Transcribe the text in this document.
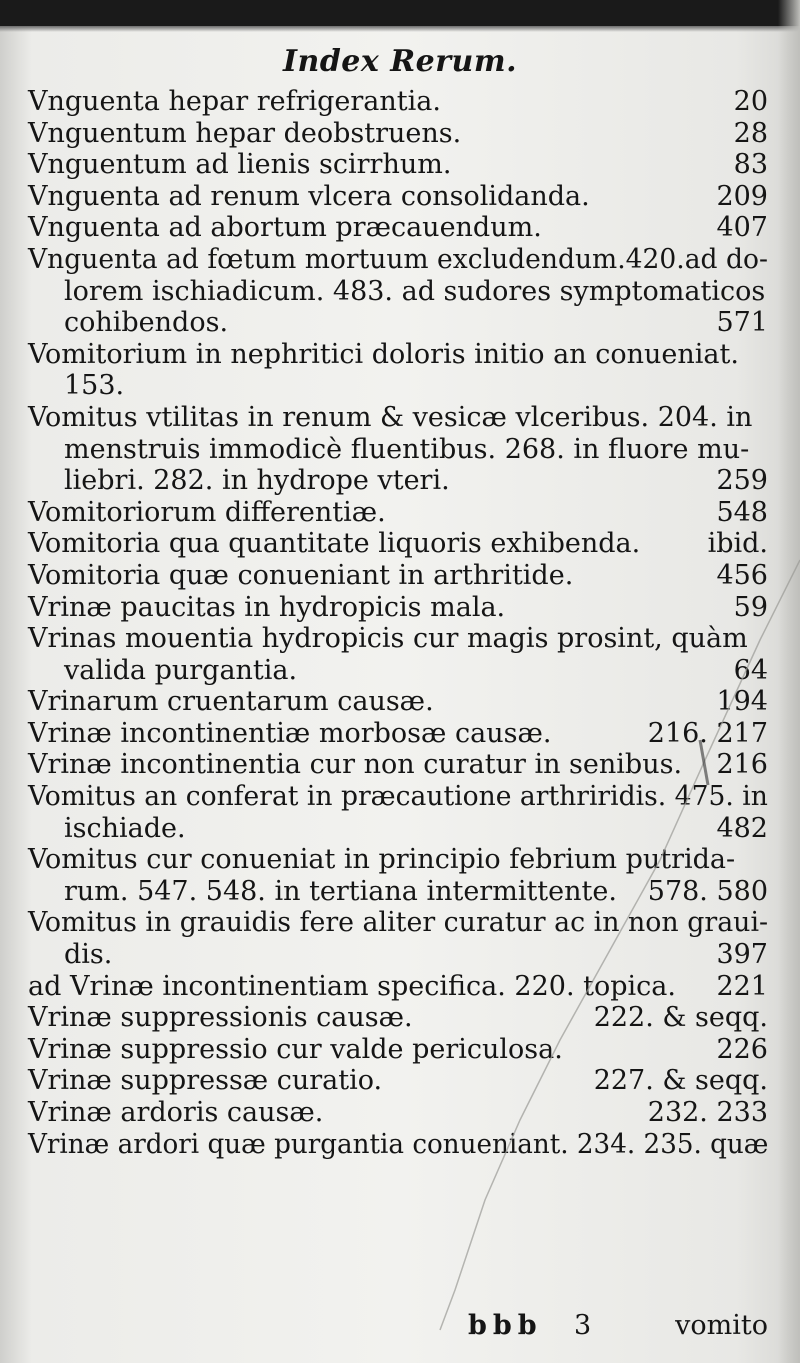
Index Rerum.
Vnguenta hepar refrigerantia.	20
Vnguentum hepar deobstruens.	28
Vnguentum ad lienis scirrhum.	83
Vnguenta ad renum vlcera consolidanda.	209
Vnguenta ad abortum præcauendum.	407
Vnguenta ad fœtum mortuum excludendum.420.ad do-
lorem ischiadicum. 483. ad sudores symptomaticos
cohibendos.	571
Vomitorium in nephritici doloris initio an conueniat.
153.
Vomitus vtilitas in renum & vesicæ vlceribus. 204. in
menstruis immodicè fluentibus. 268. in fluore mu-
liebri. 282. in hydrope vteri.	259
Vomitoriorum differentiæ.	548
Vomitoria qua quantitate liquoris exhibenda. ibid.
Vomitoria quæ conueniant in arthritide.	456
Vrinæ paucitas in hydropicis mala.	59
Vrinas mouentia hydropicis cur magis prosint, quàm
valida purgantia.	64
Vrinarum cruentarum causæ.	194
Vrinæ incontinentiæ morbosæ causæ.	216. 217
Vrinæ incontinentia cur non curatur in senibus. 216
Vomitus an conferat in præcautione arthriridis. 475. in
ischiade.	482
Vomitus cur conueniat in principio febrium putrida-
rum. 547. 548. in tertiana intermittente. 578. 580
Vomitus in grauidis fere aliter curatur ac in non graui-
dis.	397
ad Vrinæ incontinentiam specifica. 220. topica. 221
Vrinæ suppressionis causæ.	222. & seqq.
Vrinæ suppressio cur valde periculosa.	226
Vrinæ suppressæ curatio.	227. & seqq.
Vrinæ ardoris causæ.	232. 233
Vrinæ ardori quæ purgantia conueniant. 234. 235. quæ
bbb 3	vomito
